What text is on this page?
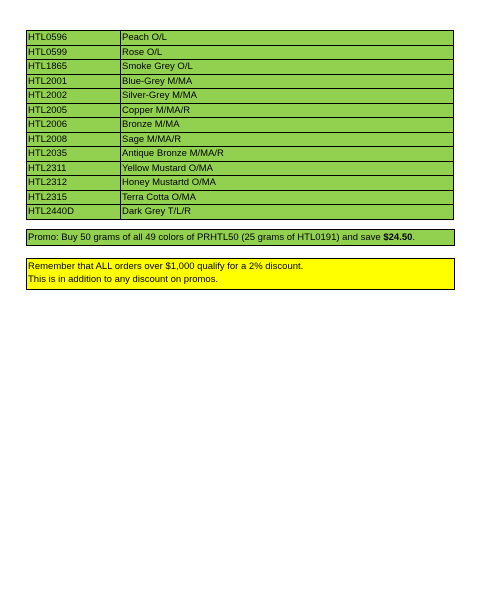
HTL0596	Peach O/L
HTL0599	Rose O/L
HTL1865	Smoke Grey O/L
HTL2001	Blue-Grey M/MA
HTL2002	Silver-Grey M/MA
HTL2005	Copper M/MA/R
HTL2006	Bronze M/MA
HTL2008	Sage M/MA/R
HTL2035	Antique Bronze M/MA/R
HTL2311	Yellow Mustard O/MA
HTL2312	Honey Mustartd O/MA
HTL2315	Terra Cotta O/MA
HTL2440D	Dark Grey T/L/R
Promo: Buy 50 grams of all 49 colors of PRHTL50 (25 grams of HTL0191) and save $24.50.
Remember that ALL orders over $1,000 qualify for a 2% discount.
This is in addition to any discount on promos.
